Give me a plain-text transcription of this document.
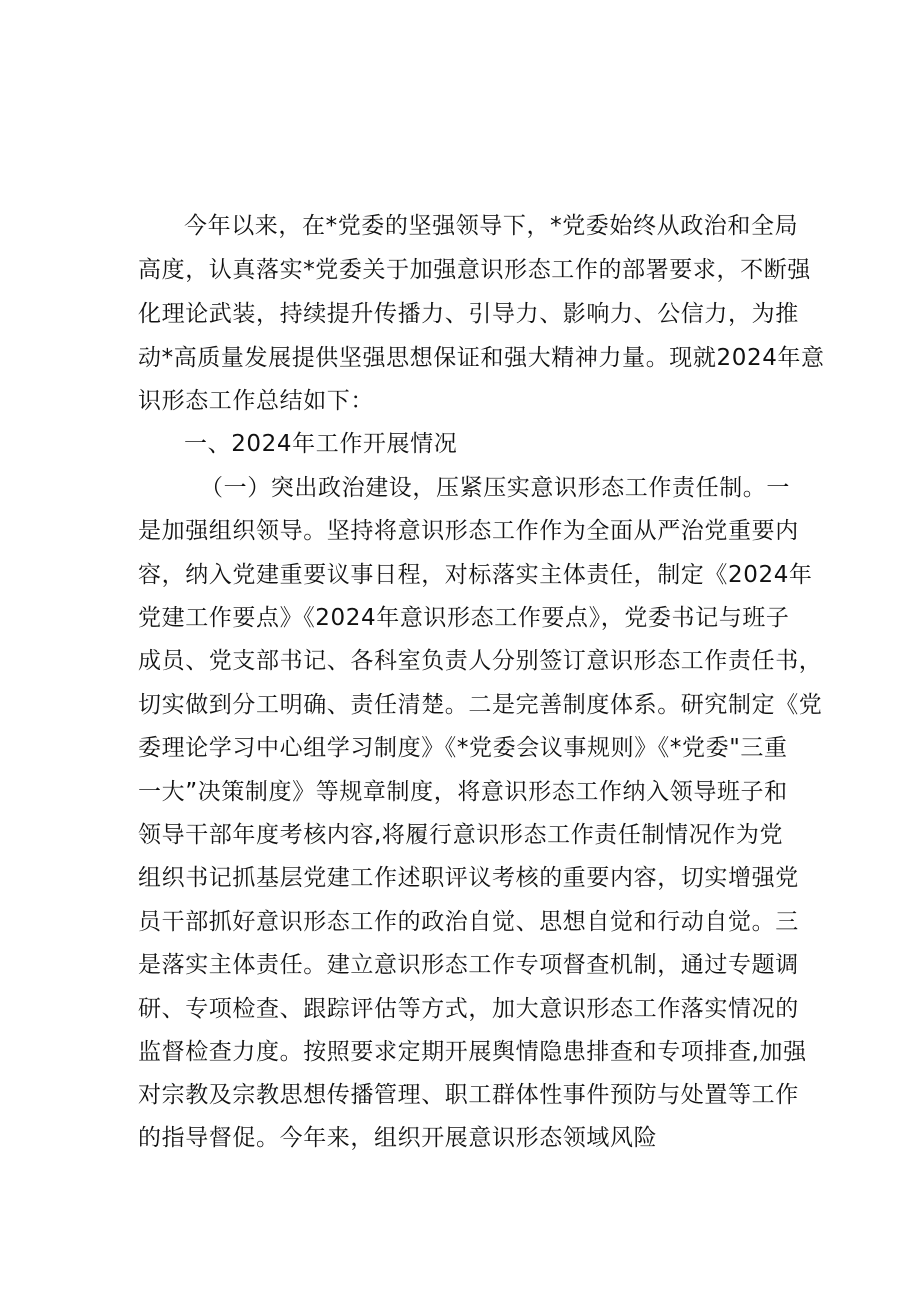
今年以来，在*党委的坚强领导下，*党委始终从政治和全局

高度，认真落实*党委关于加强意识形态工作的部署要求，不断强

化理论武装，持续提升传播力、引导力、影响力、公信力，为推

动*高质量发展提供坚强思想保证和强大精神力量。现就2024年意

识形态工作总结如下：

一、2024年工作开展情况

（一）突出政治建设，压紧压实意识形态工作责任制。一

是加强组织领导。坚持将意识形态工作作为全面从严治党重要内

容，纳入党建重要议事日程，对标落实主体责任，制定《2024年

党建工作要点》《2024年意识形态工作要点》，党委书记与班子

成员、党支部书记、各科室负责人分别签订意识形态工作责任书，

切实做到分工明确、责任清楚。二是完善制度体系。研究制定《党

委理论学习中心组学习制度》《*党委会议事规则》《*党委"三重

一大”决策制度》等规章制度，将意识形态工作纳入领导班子和

领导干部年度考核内容,将履行意识形态工作责任制情况作为党

组织书记抓基层党建工作述职评议考核的重要内容，切实增强党

员干部抓好意识形态工作的政治自觉、思想自觉和行动自觉。三

是落实主体责任。建立意识形态工作专项督查机制，通过专题调

研、专项检查、跟踪评估等方式，加大意识形态工作落实情况的

监督检查力度。按照要求定期开展舆情隐患排查和专项排查,加强

对宗教及宗教思想传播管理、职工群体性事件预防与处置等工作

的指导督促。今年来，组织开展意识形态领域风险
